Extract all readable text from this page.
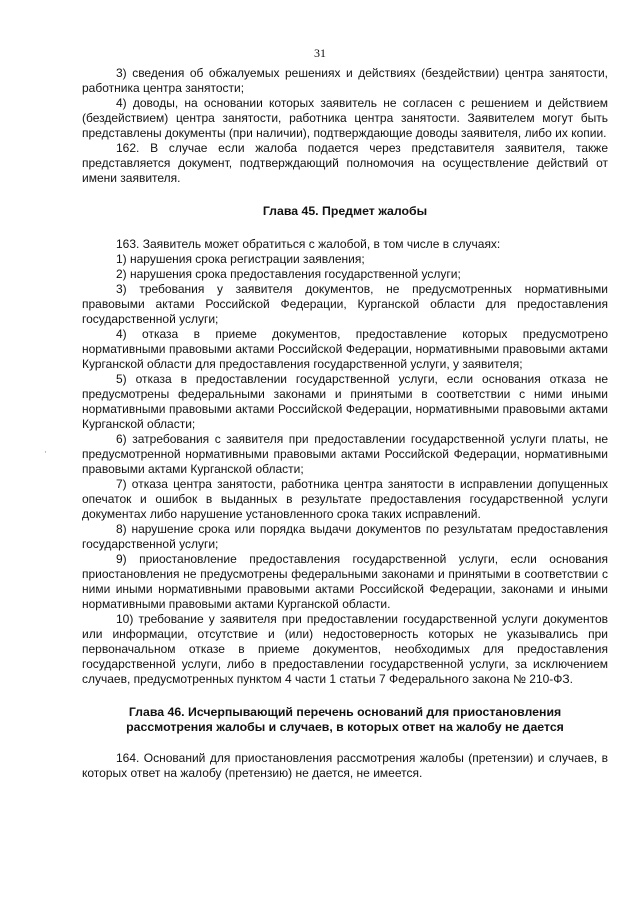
31
·

3) сведения об обжалуемых решениях и действиях (бездействии) центра занятости, работника центра занятости;

4) доводы, на основании которых заявитель не согласен с решением и действием (бездействием) центра занятости, работника центра занятости. Заявителем могут быть представлены документы (при наличии), подтверждающие доводы заявителя, либо их копии.

162. В случае если жалоба подается через представителя заявителя, также представляется документ, подтверждающий полномочия на осуществление действий от имени заявителя.

Глава 45. Предмет жалобы

163. Заявитель может обратиться с жалобой, в том числе в случаях:

1) нарушения срока регистрации заявления;

2) нарушения срока предоставления государственной услуги;

3) требования у заявителя документов, не предусмотренных нормативными правовыми актами Российской Федерации, Курганской области для предоставления государственной услуги;

4) отказа в приеме документов, предоставление которых предусмотрено нормативными правовыми актами Российской Федерации, нормативными правовыми актами Курганской области для предоставления государственной услуги, у заявителя;

5) отказа в предоставлении государственной услуги, если основания отказа не предусмотрены федеральными законами и принятыми в соответствии с ними иными нормативными правовыми актами Российской Федерации, нормативными правовыми актами Курганской области;

6) затребования с заявителя при предоставлении государственной услуги платы, не предусмотренной нормативными правовыми актами Российской Федерации, нормативными правовыми актами Курганской области;

7) отказа центра занятости, работника центра занятости в исправлении допущенных опечаток и ошибок в выданных в результате предоставления государственной услуги документах либо нарушение установленного срока таких исправлений.

8) нарушение срока или порядка выдачи документов по результатам предоставления государственной услуги;

9) приостановление предоставления государственной услуги, если основания приостановления не предусмотрены федеральными законами и принятыми в соответствии с ними иными нормативными правовыми актами Российской Федерации, законами и иными нормативными правовыми актами Курганской области.

10) требование у заявителя при предоставлении государственной услуги документов или информации, отсутствие и (или) недостоверность которых не указывались при первоначальном отказе в приеме документов, необходимых для предоставления государственной услуги, либо в предоставлении государственной услуги, за исключением случаев, предусмотренных пунктом 4 части 1 статьи 7 Федерального закона № 210-ФЗ.

Глава 46. Исчерпывающий перечень оснований для приостановления

рассмотрения жалобы и случаев, в которых ответ на жалобу не дается

164. Оснований для приостановления рассмотрения жалобы (претензии) и случаев, в которых ответ на жалобу (претензию) не дается, не имеется.
